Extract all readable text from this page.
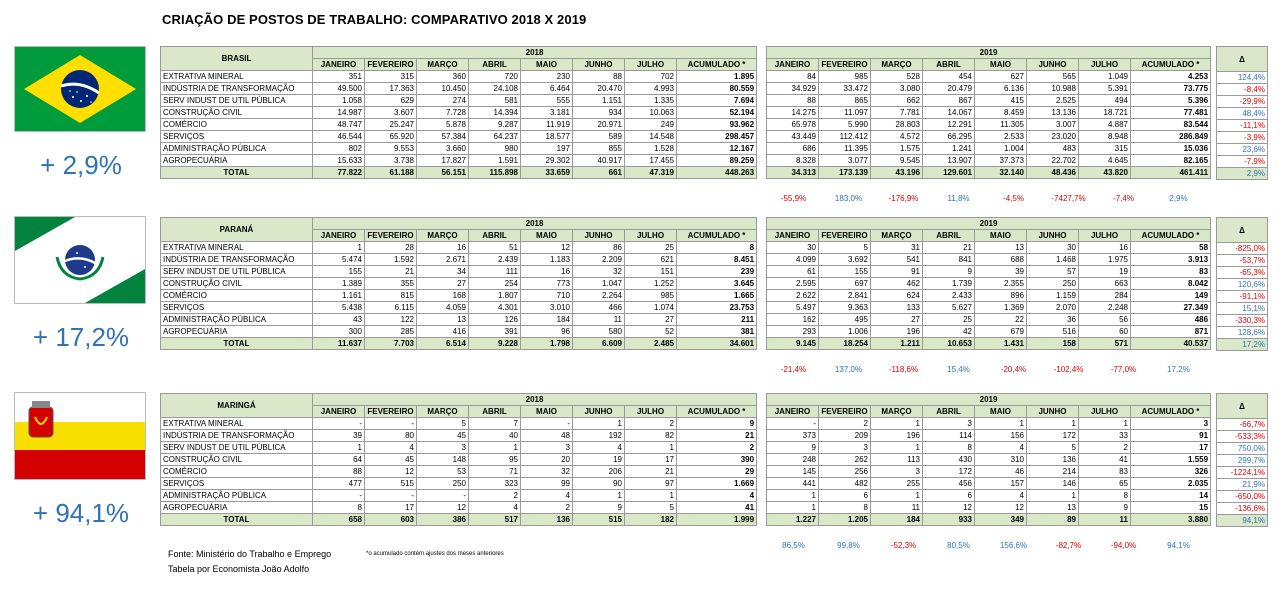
CRIAÇÃO DE POSTOS DE TRABALHO: COMPARATIVO 2018 X 2019
+ 2,9%
+ 17,2%
+ 94,1%
BRASIL	2018							
	JANEIRO	FEVEREIRO	MARÇO	ABRIL	MAIO	JUNHO	JULHO	ACUMULADO *
EXTRATIVA MINERAL	351	315	360	720	230	88	702	1.895
INDÚSTRIA DE TRANSFORMAÇÃO	49.500	17.363	10.450	24.108	6.464	20.470	4.993	80.559
SERV INDUST DE UTIL PÚBLICA	1.058	629	274	581	555	1.151	1.335	7.694
CONSTRUÇÃO CIVIL	14.987	3.607	7.728	14.394	3.181	934	10.063	52.194
COMÉRCIO	48.747	25.247	5.878	9.287	11.919	20.971	249	93.962
SERVIÇOS	46.544	65.920	57.384	64.237	18.577	589	14.548	298.457
ADMINISTRAÇÃO PÚBLICA	802	9.553	3.660	980	197	855	1.528	12.167
AGROPECUÁRIA	15.633	3.738	17.827	1.591	29.302	40.917	17.455	89.259
TOTAL	77.822	61.188	56.151	115.898	33.659	661	47.319	448.263
2019							
JANEIRO	FEVEREIRO	MARÇO	ABRIL	MAIO	JUNHO	JULHO	ACUMULADO *
84	985	528	454	627	565	1.049	4.253
34.929	33.472	3.080	20.479	6.136	10.988	5.391	73.775
88	865	662	867	415	2.525	494	5.396
14.275	11.097	7.781	14.067	8.459	13.136	18.721	77.481
65.978	5.990	28.803	12.291	11.305	3.007	4.887	83.544
43.449	112.412	4.572	66.295	2.533	23.020	8.948	286.849
686	11.395	1.575	1.241	1.004	483	315	15.036
8.328	3.077	9.545	13.907	37.373	22.702	4.645	82.165
34.313	173.139	43.196	129.601	32.140	48.436	43.820	461.411
Δ
124,4%
-8,4%
-29,9%
48,4%
-11,1%
-3,9%
23,6%
-7,9%
2,9%
-55,9%	183,0%	-176,9%	11,8%	-4,5%	-7427,7%	-7,4%	2,9%
PARANÁ	2018							
	JANEIRO	FEVEREIRO	MARÇO	ABRIL	MAIO	JUNHO	JULHO	ACUMULADO *
EXTRATIVA MINERAL	1	28	16	51	12	86	25	8
INDÚSTRIA DE TRANSFORMAÇÃO	5.474	1.592	2.671	2.439	1.183	2.209	621	8.451
SERV INDUST DE UTIL PÚBLICA	155	21	34	111	16	32	151	239
CONSTRUÇÃO CIVIL	1.389	355	27	254	773	1.047	1.252	3.645
COMÉRCIO	1.161	815	168	1.807	710	2.264	985	1.665
SERVIÇOS	5.438	6.115	4.059	4.301	3.010	466	1.074	23.753
ADMINISTRAÇÃO PÚBLICA	43	122	13	126	184	11	27	211
AGROPECUÁRIA	300	285	416	391	96	580	52	381
TOTAL	11.637	7.703	6.514	9.228	1.798	6.609	2.485	34.601
2019							
JANEIRO	FEVEREIRO	MARÇO	ABRIL	MAIO	JUNHO	JULHO	ACUMULADO *
30	5	31	21	13	30	16	58
4.099	3.692	541	841	688	1.468	1.975	3.913
61	155	91	9	39	57	19	83
2.595	697	462	1.739	2.355	250	663	8.042
2.622	2.841	624	2.433	896	1.159	284	149
5.497	9.363	133	5.627	1.369	2.070	2.248	27.349
162	495	27	25	22	36	56	486
293	1.006	196	42	679	516	60	871
9.145	18.254	1.211	10.653	1.431	158	571	40.537
Δ
-825,0%
-53,7%
-65,3%
120,6%
-91,1%
15,1%
-330,3%
128,6%
17,2%
-21,4%	137,0%	-118,6%	15,4%	-20,4%	-102,4%	-77,0%	17,2%
MARINGÁ	2018							
	JANEIRO	FEVEREIRO	MARÇO	ABRIL	MAIO	JUNHO	JULHO	ACUMULADO *
EXTRATIVA MINERAL	-	-	5	7	-	1	2	9
INDÚSTRIA DE TRANSFORMAÇÃO	39	80	45	40	48	192	82	21
SERV INDUST DE UTIL PÚBLICA	1	4	3	1	3	4	1	2
CONSTRUÇÃO CIVIL	64	45	148	95	20	19	17	390
COMÉRCIO	88	12	53	71	32	206	21	29
SERVIÇOS	477	515	250	323	99	90	97	1.669
ADMINISTRAÇÃO PÚBLICA	-	-	-	2	4	1	1	4
AGROPECUÁRIA	8	17	12	4	2	9	5	41
TOTAL	658	603	386	517	136	515	182	1.999
2019							
JANEIRO	FEVEREIRO	MARÇO	ABRIL	MAIO	JUNHO	JULHO	ACUMULADO *
-	2	1	3	1	1	1	3
373	209	196	114	156	172	33	91
9	3	1	8	4	5	2	17
248	262	113	430	310	136	41	1.559
145	256	3	172	46	214	83	326
441	482	255	456	157	146	65	2.035
1	6	1	6	4	1	8	14
1	8	11	12	12	13	9	15
1.227	1.205	184	933	349	89	11	3.880
Δ
-66,7%
-533,3%
750,0%
299,7%
-1224,1%
21,9%
-650,0%
-136,6%
94,1%
86,5%	99,8%	-52,3%	80,5%	156,6%	-82,7%	-94,0%	94,1%
Fonte: Ministério do Trabalho e Emprego
Tabela por Economista João Adolfo
*o acumulado contém ajustes dos meses anteriores
